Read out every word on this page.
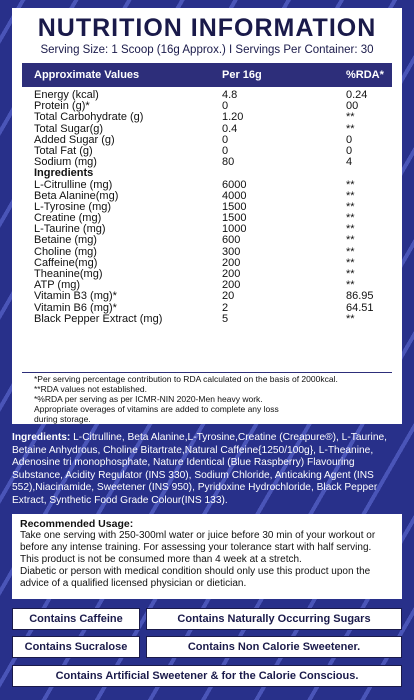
NUTRITION INFORMATION
Serving Size: 1 Scoop (16g Approx.) I Servings Per Container: 30
Approximate Values	Per 16g	%RDA*
Energy (kcal)	4.8	0.24
Protein (g)*	0	00
Total Carbohydrate (g)	1.20	**
Total Sugar(g)	0.4	**
Added Sugar (g)	0	0
Total Fat (g)	0	0
Sodium (mg)	80	4
Ingredients
L-Citrulline (mg)	6000	**
Beta Alanine(mg)	4000	**
L-Tyrosine (mg)	1500	**
Creatine (mg)	1500	**
L-Taurine (mg)	1000	**
Betaine (mg)	600	**
Choline (mg)	300	**
Caffeine(mg)	200	**
Theanine(mg)	200	**
ATP (mg)	200	**
Vitamin B3 (mg)*	20	86.95
Vitamin B6 (mg)*	2	64.51
Black Pepper Extract (mg)	5	**
*Per serving percentage contribution to RDA calculated on the basis of 2000kcal.
**RDA values not established.
*%RDA per serving as per ICMR-NIN 2020-Men heavy work.
Appropriate overages of vitamins are added to complete any loss
during storage.
Ingredients: L-Citrulline, Beta Alanine,L-Tyrosine,Creatine (Creapure®), L-Taurine, Betaine Anhydrous, Choline Bitartrate,Natural Caffeine{1250/100g}, L-Theanine, Adenosine tri monophosphate, Nature Identical (Blue Raspberry) Flavouring Substance, Acidity Regulator (INS 330), Sodium Chloride, Anticaking Agent (INS 552),Niacinamide, Sweetener (INS 950), Pyridoxine Hydrochloride, Black Pepper Extract, Synthetic Food Grade Colour(INS 133).
Recommended Usage:
Take one serving with 250-300ml water or juice before 30 min of your workout or
before any intense training. For assessing your tolerance start with half serving.
This product is not be consumed more than 4 week at a stretch.
Diabetic or person with medical condition should only use this product upon the
advice of a qualified licensed physician or dietician.
Contains Caffeine	Contains Naturally Occurring Sugars
Contains Sucralose	Contains Non Calorie Sweetener.
Contains Artificial Sweetener & for the Calorie Conscious.
